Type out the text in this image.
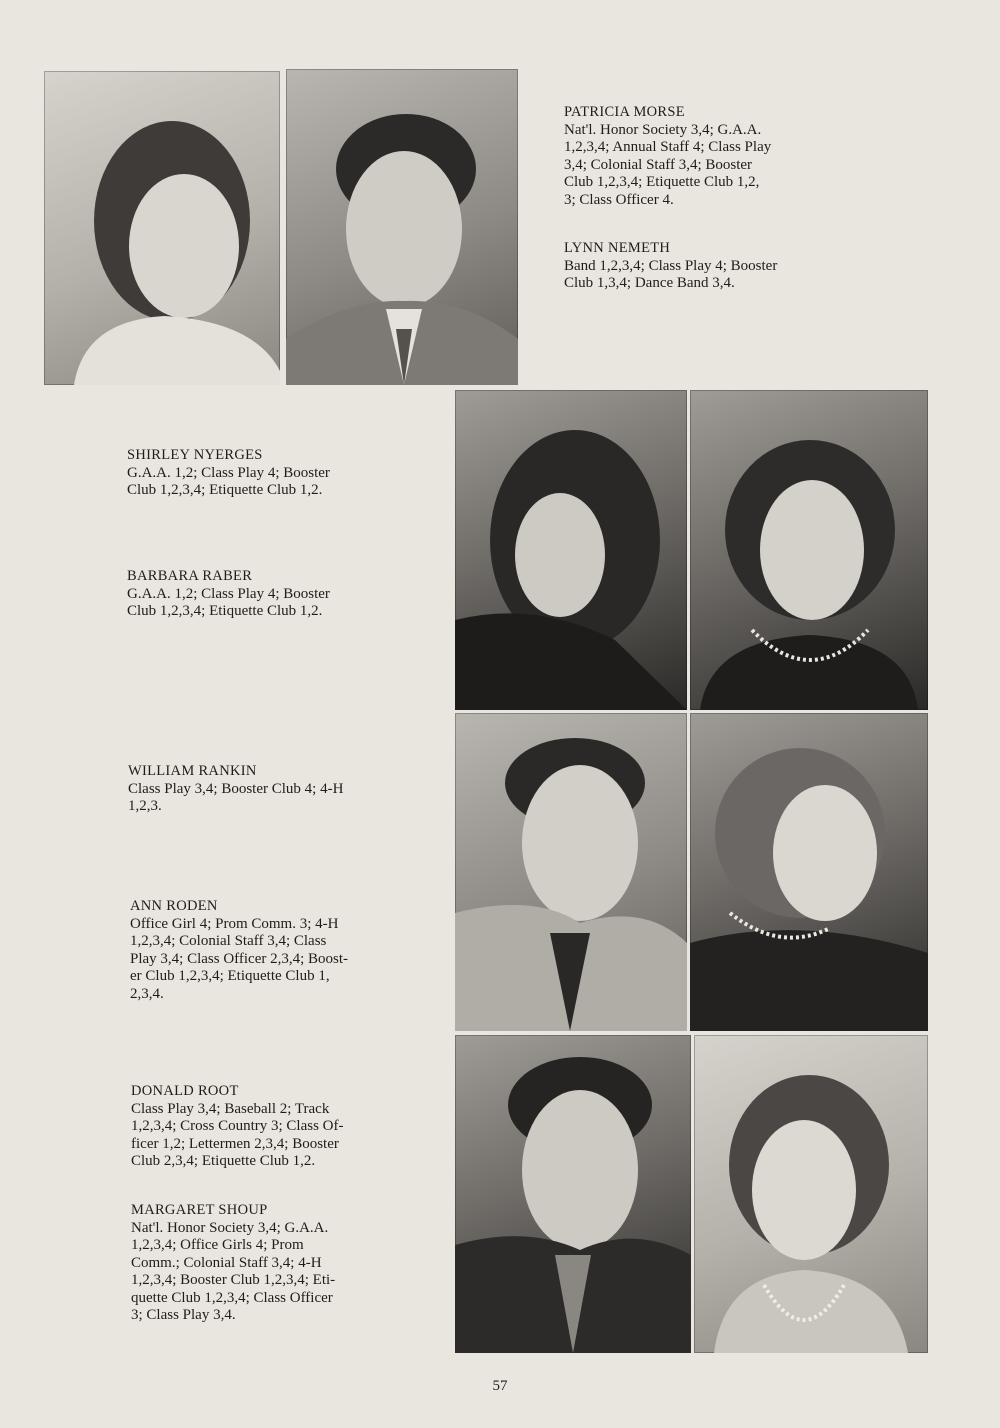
PATRICIA MORSE
Nat'l. Honor Society 3,4; G.A.A.
1,2,3,4; Annual Staff 4; Class Play
3,4; Colonial Staff 3,4; Booster
Club 1,2,3,4; Etiquette Club 1,2,
3; Class Officer 4.
LYNN NEMETH
Band 1,2,3,4; Class Play 4; Booster
Club 1,3,4; Dance Band 3,4.
SHIRLEY NYERGES
G.A.A. 1,2; Class Play 4; Booster
Club 1,2,3,4; Etiquette Club 1,2.
BARBARA RABER
G.A.A. 1,2; Class Play 4; Booster
Club 1,2,3,4; Etiquette Club 1,2.
WILLIAM RANKIN
Class Play 3,4; Booster Club 4; 4-H
1,2,3.
ANN RODEN
Office Girl 4; Prom Comm. 3; 4-H
1,2,3,4; Colonial Staff 3,4; Class
Play 3,4; Class Officer 2,3,4; Boost-
er Club 1,2,3,4; Etiquette Club 1,
2,3,4.
DONALD ROOT
Class Play 3,4; Baseball 2; Track
1,2,3,4; Cross Country 3; Class Of-
ficer 1,2; Lettermen 2,3,4; Booster
Club 2,3,4; Etiquette Club 1,2.
MARGARET SHOUP
Nat'l. Honor Society 3,4; G.A.A.
1,2,3,4; Office Girls 4; Prom
Comm.; Colonial Staff 3,4; 4-H
1,2,3,4; Booster Club 1,2,3,4; Eti-
quette Club 1,2,3,4; Class Officer
3; Class Play 3,4.
57
